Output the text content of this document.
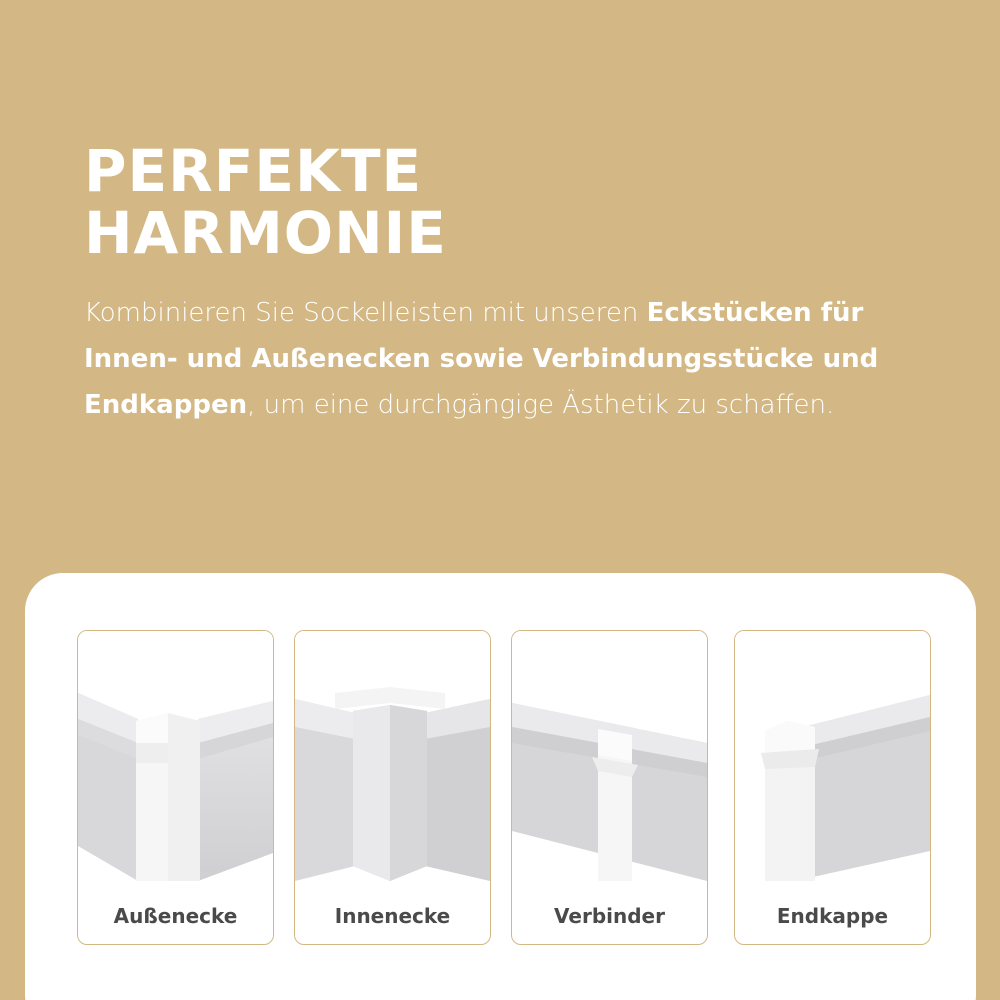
PERFEKTE
HARMONIE

Kombinieren Sie Sockelleisten mit unseren Eckstücken für Innen- und Außenecken sowie Verbindungsstücke und Endkappen, um eine durchgängige Ästhetik zu schaffen.

Außenecke	Innenecke	Verbinder	Endkappe
